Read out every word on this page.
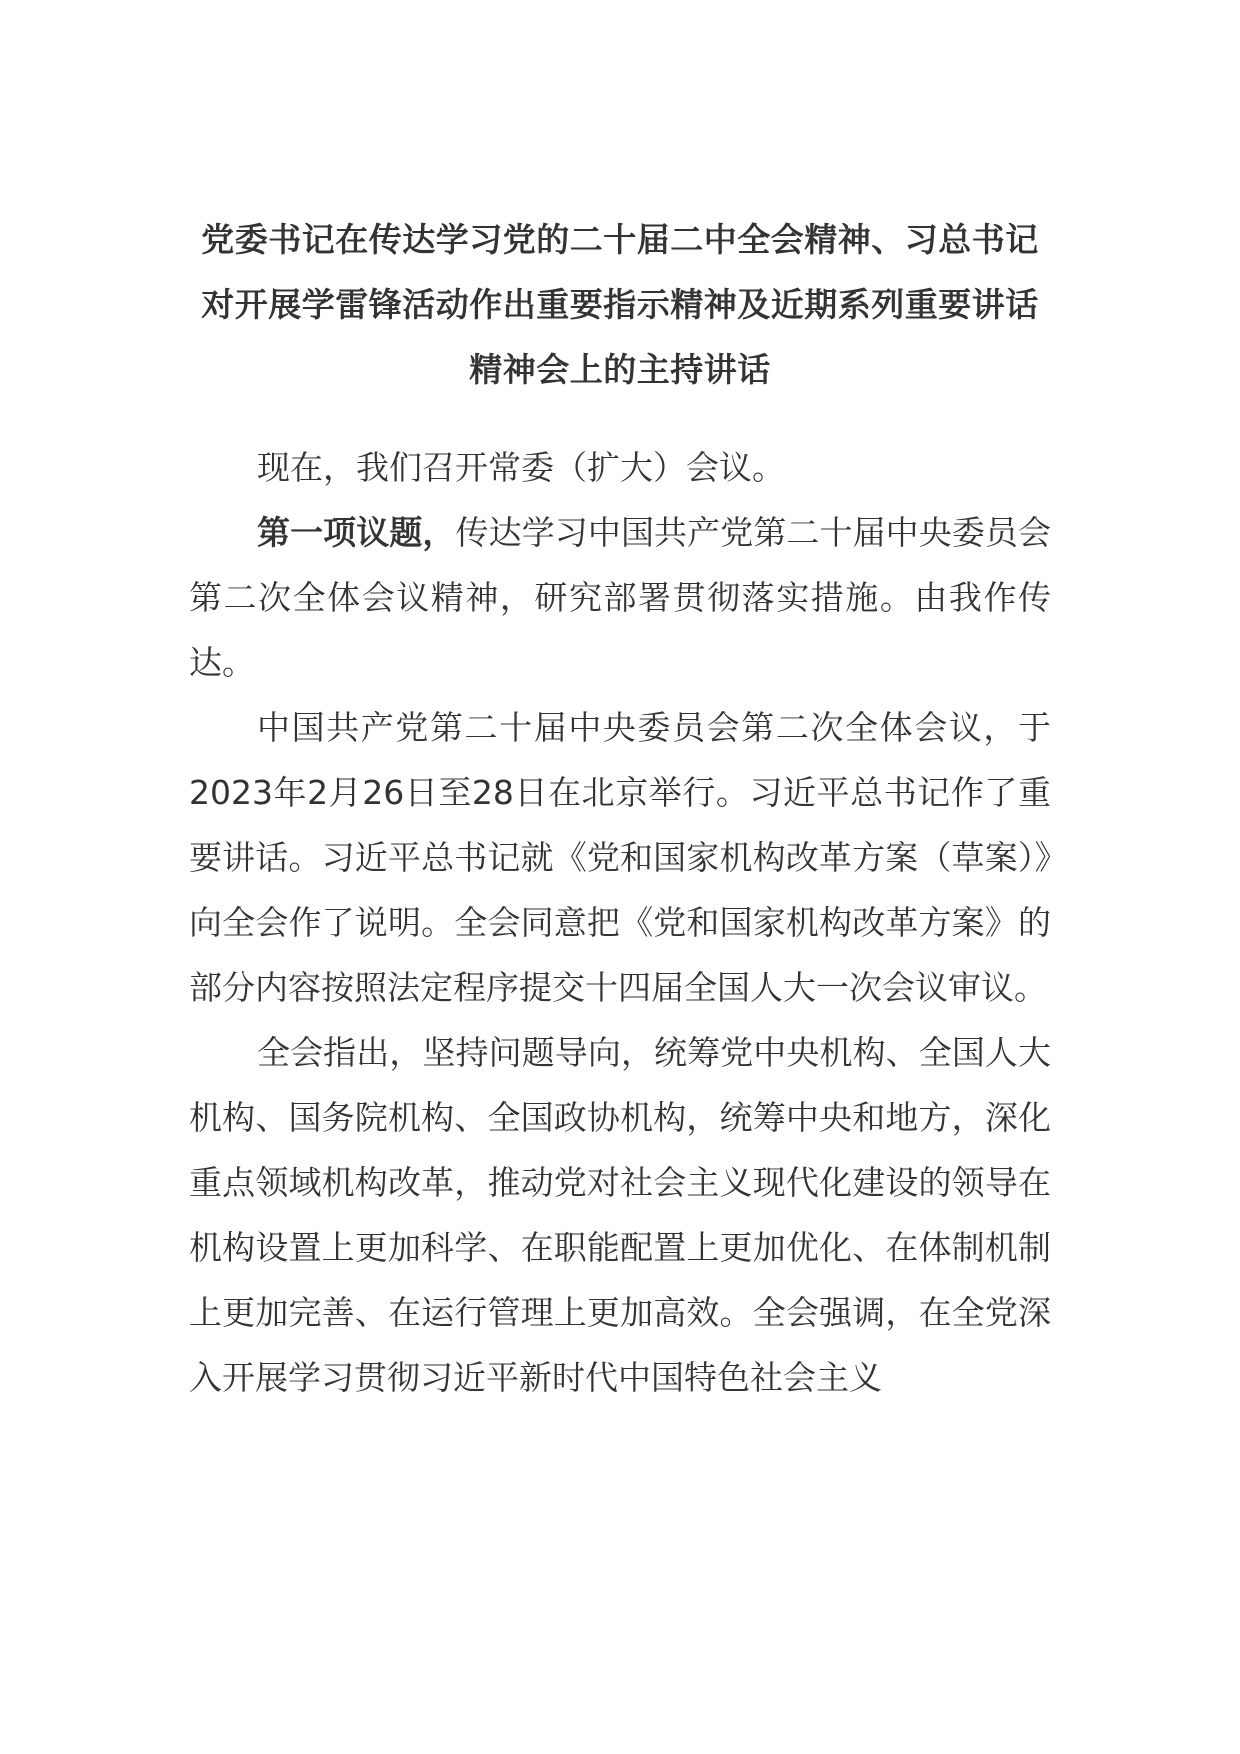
党委书记在传达学习党的二十届二中全会精神、习总书记
对开展学雷锋活动作出重要指示精神及近期系列重要讲话
精神会上的主持讲话

现在，我们召开常委（扩大）会议。

第一项议题，传达学习中国共产党第二十届中央委员会第二次全体会议精神，研究部署贯彻落实措施。由我作传达。

中国共产党第二十届中央委员会第二次全体会议，于2023年2月26日至28日在北京举行。习近平总书记作了重要讲话。习近平总书记就《党和国家机构改革方案（草案）》向全会作了说明。全会同意把《党和国家机构改革方案》的部分内容按照法定程序提交十四届全国人大一次会议审议。

全会指出，坚持问题导向，统筹党中央机构、全国人大机构、国务院机构、全国政协机构，统筹中央和地方，深化重点领域机构改革，推动党对社会主义现代化建设的领导在机构设置上更加科学、在职能配置上更加优化、在体制机制上更加完善、在运行管理上更加高效。全会强调，在全党深入开展学习贯彻习近平新时代中国特色社会主义
